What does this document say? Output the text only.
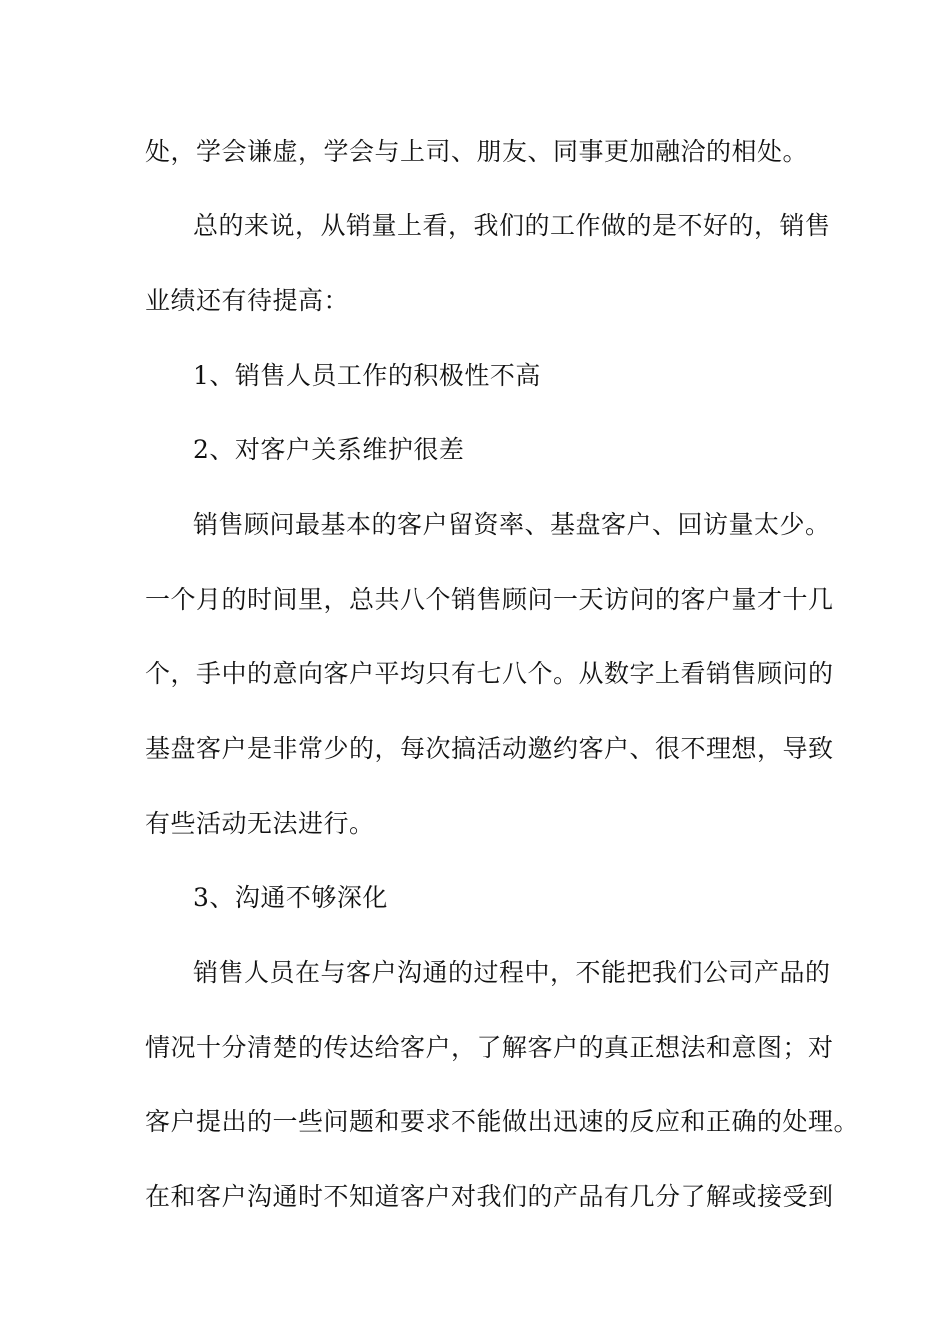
处，学会谦虚，学会与上司、朋友、同事更加融洽的相处。
总的来说，从销量上看，我们的工作做的是不好的，销售
业绩还有待提高：
1、销售人员工作的积极性不高
2、对客户关系维护很差
销售顾问最基本的客户留资率、基盘客户、回访量太少。
一个月的时间里，总共八个销售顾问一天访问的客户量才十几
个，手中的意向客户平均只有七八个。从数字上看销售顾问的
基盘客户是非常少的，每次搞活动邀约客户、很不理想，导致
有些活动无法进行。
3、沟通不够深化
销售人员在与客户沟通的过程中，不能把我们公司产品的
情况十分清楚的传达给客户，了解客户的真正想法和意图；对
客户提出的一些问题和要求不能做出迅速的反应和正确的处理。
在和客户沟通时不知道客户对我们的产品有几分了解或接受到
